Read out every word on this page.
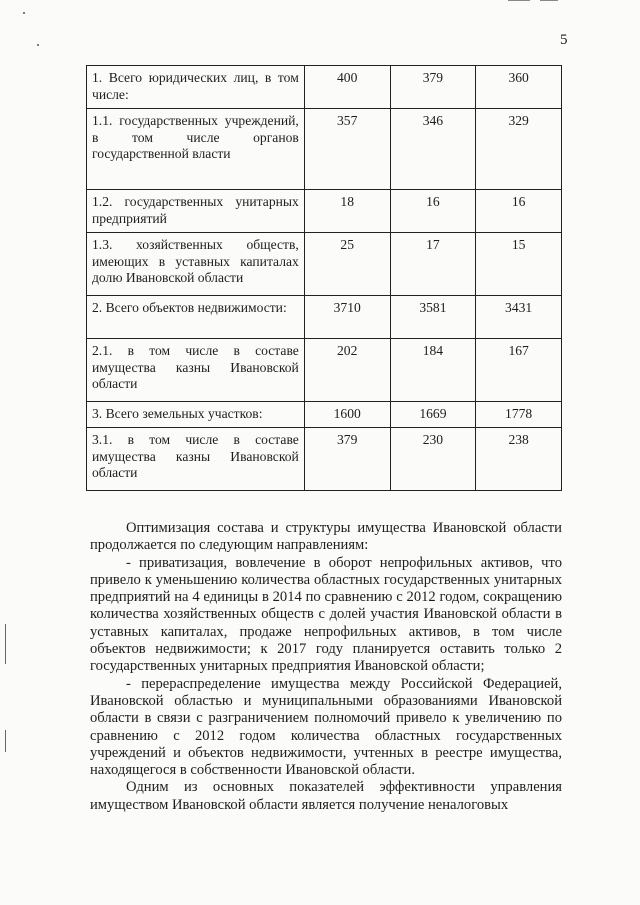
5
1. Всего юридических лиц, в том числе:	400	379	360
1.1. государственных учреждений, в том числе органов государственной власти	357	346	329
1.2. государственных унитарных предприятий	18	16	16
1.3. хозяйственных обществ, имеющих в уставных капиталах долю Ивановской области	25	17	15
2. Всего объектов недвижимости:	3710	3581	3431
2.1. в том числе в составе имущества казны Ивановской области	202	184	167
3. Всего земельных участков:	1600	1669	1778
3.1. в том числе в составе имущества казны Ивановской области	379	230	238

Оптимизация состава и структуры имущества Ивановской области продолжается по следующим направлениям:

- приватизация, вовлечение в оборот непрофильных активов, что привело к уменьшению количества областных государственных унитарных предприятий на 4 единицы в 2014 по сравнению с 2012 годом, сокращению количества хозяйственных обществ с долей участия Ивановской области в уставных капиталах, продаже непрофильных активов, в том числе объектов недвижимости; к 2017 году планируется оставить только 2 государственных унитарных предприятия Ивановской области;

- перераспределение имущества между Российской Федерацией, Ивановской областью и муниципальными образованиями Ивановской области в связи с разграничением полномочий привело к увеличению по сравнению с 2012 годом количества областных государственных учреждений и объектов недвижимости, учтенных в реестре имущества, находящегося в собственности Ивановской области.

Одним из основных показателей эффективности управления имуществом Ивановской области является получение неналоговых
